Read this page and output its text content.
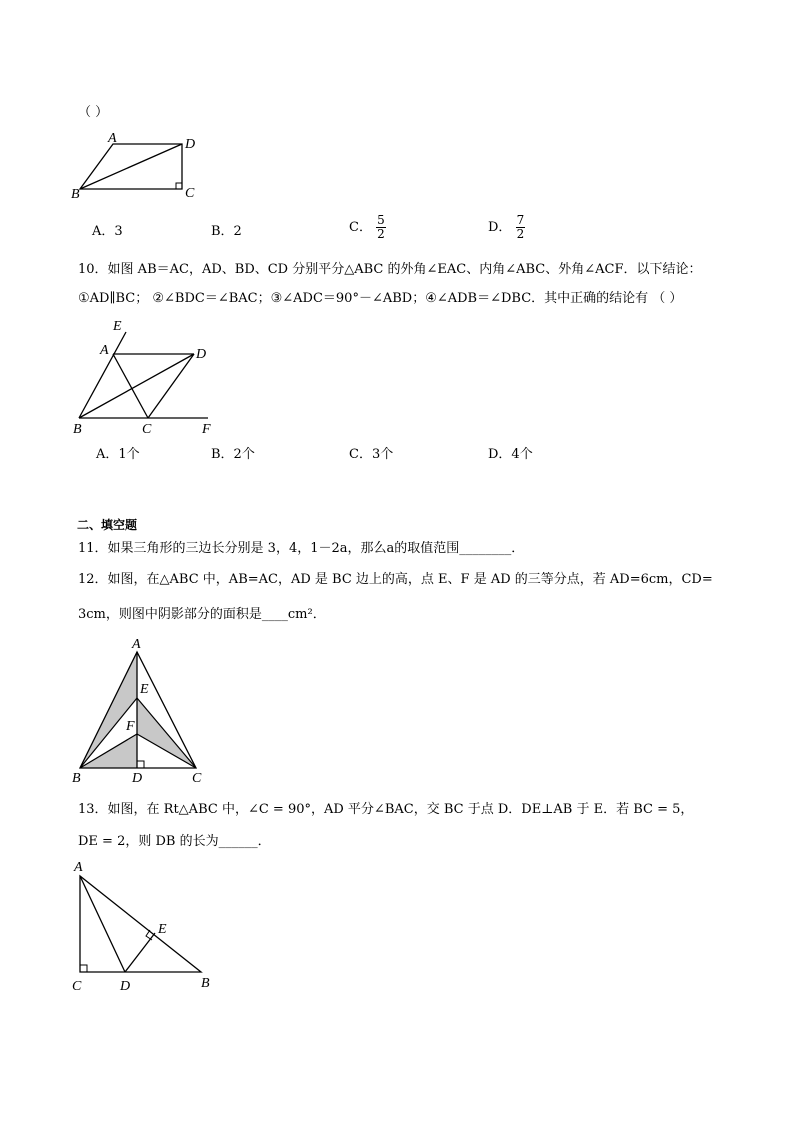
（ ）
A	D
B	C
A．3	B．2	C． $\frac{5}{2}$	D． $\frac{7}{2}$
10．如图 AB＝AC，AD、BD、CD 分别平分△ABC 的外角∠EAC、内角∠ABC、外角∠ACF．以下结论：
①AD∥BC； ②∠BDC＝∠BAC；③∠ADC＝90°－∠ABD；④∠ADB＝∠DBC．其中正确的结论有 （ ）
E
A	D
B	C	F
A．1个	B．2个	C．3个	D．4个
二、填空题
11．如果三角形的三边长分别是 3，4，1－2a，那么a的取值范围________．
12．如图，在△ABC 中，AB=AC，AD 是 BC 边上的高，点 E、F 是 AD 的三等分点，若 AD=6cm，CD=
3cm，则图中阴影部分的面积是____cm²．
A
E
F
B	D	C
13．如图，在 Rt△ABC 中，∠C = 90°，AD 平分∠BAC，交 BC 于点 D．DE⊥AB 于 E．若 BC = 5，
DE = 2，则 DB 的长为______．
A
E
C	D	B
